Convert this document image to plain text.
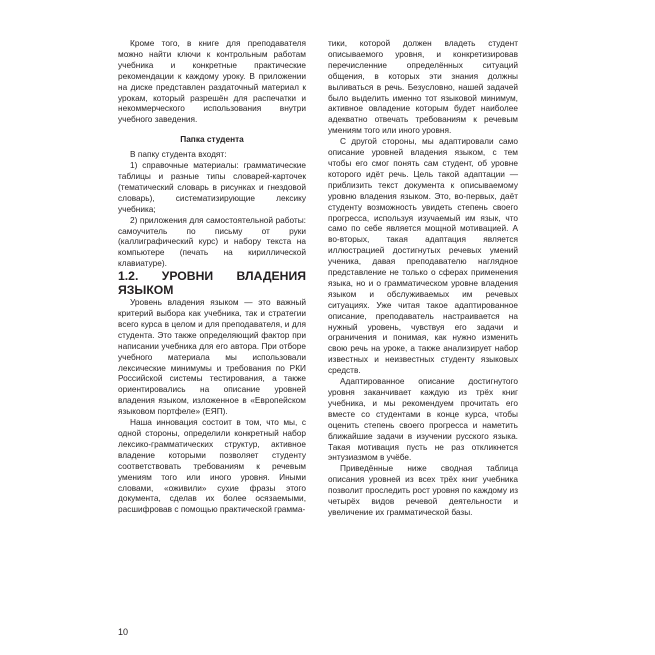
Кроме того, в книге для преподавателя можно найти ключи к контрольным работам учебника и конкретные практические рекомендации к каждому уроку. В приложении на диске представлен раздаточный материал к урокам, который разрешён для распечатки и некоммерческого использования внутри учебного заведения.

Папка студента

В папку студента входят:

1) справочные материалы: грамматические таблицы и разные типы словарей-карточек (тематический словарь в рисунках и гнездовой словарь), систематизирующие лексику учебника;

2) приложения для самостоятельной работы: самоучитель по письму от руки (каллиграфический курс) и набору текста на компьютере (печать на кириллической клавиатуре).

1.2. УРОВНИ ВЛАДЕНИЯ ЯЗЫКОМ

Уровень владения языком — это важный критерий выбора как учебника, так и стратегии всего курса в целом и для преподавателя, и для студента. Это также определяющий фактор при написании учебника для его автора. При отборе учебного материала мы использовали лексические минимумы и требования по РКИ Российской системы тестирования, а также ориентировались на описание уровней владения языком, изложенное в «Европейском языковом портфеле» (ЕЯП).

Наша инновация состоит в том, что мы, с одной стороны, определили конкретный набор лексико-грамматических структур, активное владение которыми позволяет студенту соответствовать требованиям к речевым умениям того или иного уровня. Иными словами, «оживили» сухие фразы этого документа, сделав их более осязаемыми, расшифровав с помощью практической грамма-

тики, которой должен владеть студент описываемого уровня, и конкретизировав перечисленние определённых ситуаций общения, в которых эти знания должны выливаться в речь. Безусловно, нашей задачей было выделить именно тот языковой минимум, активное овладение которым будет наиболее адекватно отвечать требованиям к речевым умениям того или иного уровня.

С другой стороны, мы адаптировали само описание уровней владения языком, с тем чтобы его смог понять сам студент, об уровне которого идёт речь. Цель такой адаптации — приблизить текст документа к описываемому уровню владения языком. Это, во-первых, даёт студенту возможность увидеть степень своего прогресса, используя изучаемый им язык, что само по себе является мощной мотивацией. А во-вторых, такая адаптация является иллюстрацией достигнутых речевых умений ученика, давая преподавателю наглядное представление не только о сферах применения языка, но и о грамматическом уровне владения языком и обслуживаемых им речевых ситуациях. Уже читая такое адаптированное описание, преподаватель настраивается на нужный уровень, чувствуя его задачи и ограничения и понимая, как нужно изменить свою речь на уроке, а также анализирует набор известных и неизвестных студенту языковых средств.

Адаптированное описание достигнутого уровня заканчивает каждую из трёх книг учебника, и мы рекомендуем прочитать его вместе со студентами в конце курса, чтобы оценить степень своего прогресса и наметить ближайшие задачи в изучении русского языка. Такая мотивация пусть не раз откликнется энтузиазмом в учёбе.

Приведённые ниже сводная таблица описания уровней из всех трёх книг учебника позволит проследить рост уровня по каждому из четырёх видов речевой деятельности и увеличение их грамматической базы.

10
